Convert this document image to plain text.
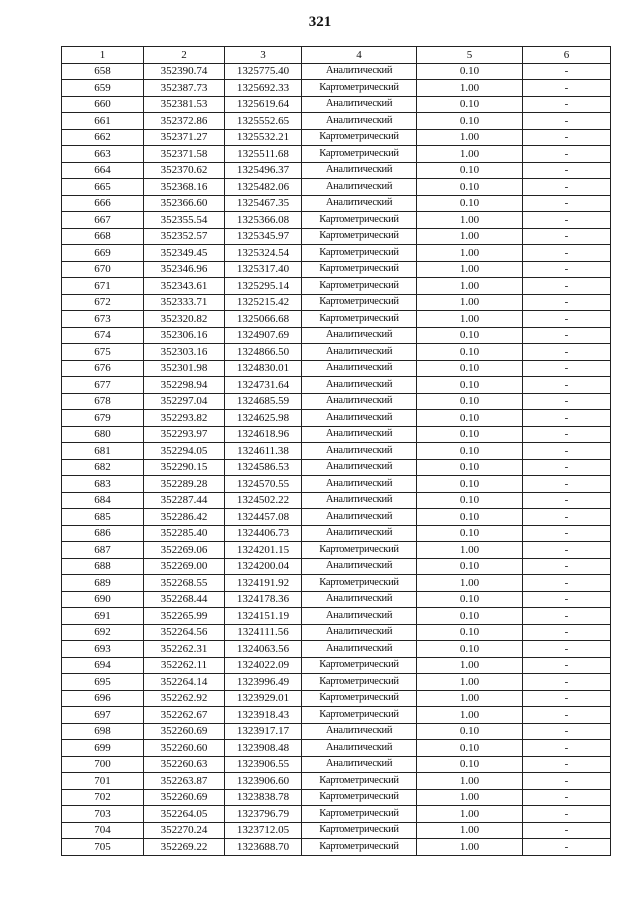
321
1	2	3	4	5	6
658	352390.74	1325775.40	Аналитический	0.10	-
659	352387.73	1325692.33	Картометрический	1.00	-
660	352381.53	1325619.64	Аналитический	0.10	-
661	352372.86	1325552.65	Аналитический	0.10	-
662	352371.27	1325532.21	Картометрический	1.00	-
663	352371.58	1325511.68	Картометрический	1.00	-
664	352370.62	1325496.37	Аналитический	0.10	-
665	352368.16	1325482.06	Аналитический	0.10	-
666	352366.60	1325467.35	Аналитический	0.10	-
667	352355.54	1325366.08	Картометрический	1.00	-
668	352352.57	1325345.97	Картометрический	1.00	-
669	352349.45	1325324.54	Картометрический	1.00	-
670	352346.96	1325317.40	Картометрический	1.00	-
671	352343.61	1325295.14	Картометрический	1.00	-
672	352333.71	1325215.42	Картометрический	1.00	-
673	352320.82	1325066.68	Картометрический	1.00	-
674	352306.16	1324907.69	Аналитический	0.10	-
675	352303.16	1324866.50	Аналитический	0.10	-
676	352301.98	1324830.01	Аналитический	0.10	-
677	352298.94	1324731.64	Аналитический	0.10	-
678	352297.04	1324685.59	Аналитический	0.10	-
679	352293.82	1324625.98	Аналитический	0.10	-
680	352293.97	1324618.96	Аналитический	0.10	-
681	352294.05	1324611.38	Аналитический	0.10	-
682	352290.15	1324586.53	Аналитический	0.10	-
683	352289.28	1324570.55	Аналитический	0.10	-
684	352287.44	1324502.22	Аналитический	0.10	-
685	352286.42	1324457.08	Аналитический	0.10	-
686	352285.40	1324406.73	Аналитический	0.10	-
687	352269.06	1324201.15	Картометрический	1.00	-
688	352269.00	1324200.04	Аналитический	0.10	-
689	352268.55	1324191.92	Картометрический	1.00	-
690	352268.44	1324178.36	Аналитический	0.10	-
691	352265.99	1324151.19	Аналитический	0.10	-
692	352264.56	1324111.56	Аналитический	0.10	-
693	352262.31	1324063.56	Аналитический	0.10	-
694	352262.11	1324022.09	Картометрический	1.00	-
695	352264.14	1323996.49	Картометрический	1.00	-
696	352262.92	1323929.01	Картометрический	1.00	-
697	352262.67	1323918.43	Картометрический	1.00	-
698	352260.69	1323917.17	Аналитический	0.10	-
699	352260.60	1323908.48	Аналитический	0.10	-
700	352260.63	1323906.55	Аналитический	0.10	-
701	352263.87	1323906.60	Картометрический	1.00	-
702	352260.69	1323838.78	Картометрический	1.00	-
703	352264.05	1323796.79	Картометрический	1.00	-
704	352270.24	1323712.05	Картометрический	1.00	-
705	352269.22	1323688.70	Картометрический	1.00	-
